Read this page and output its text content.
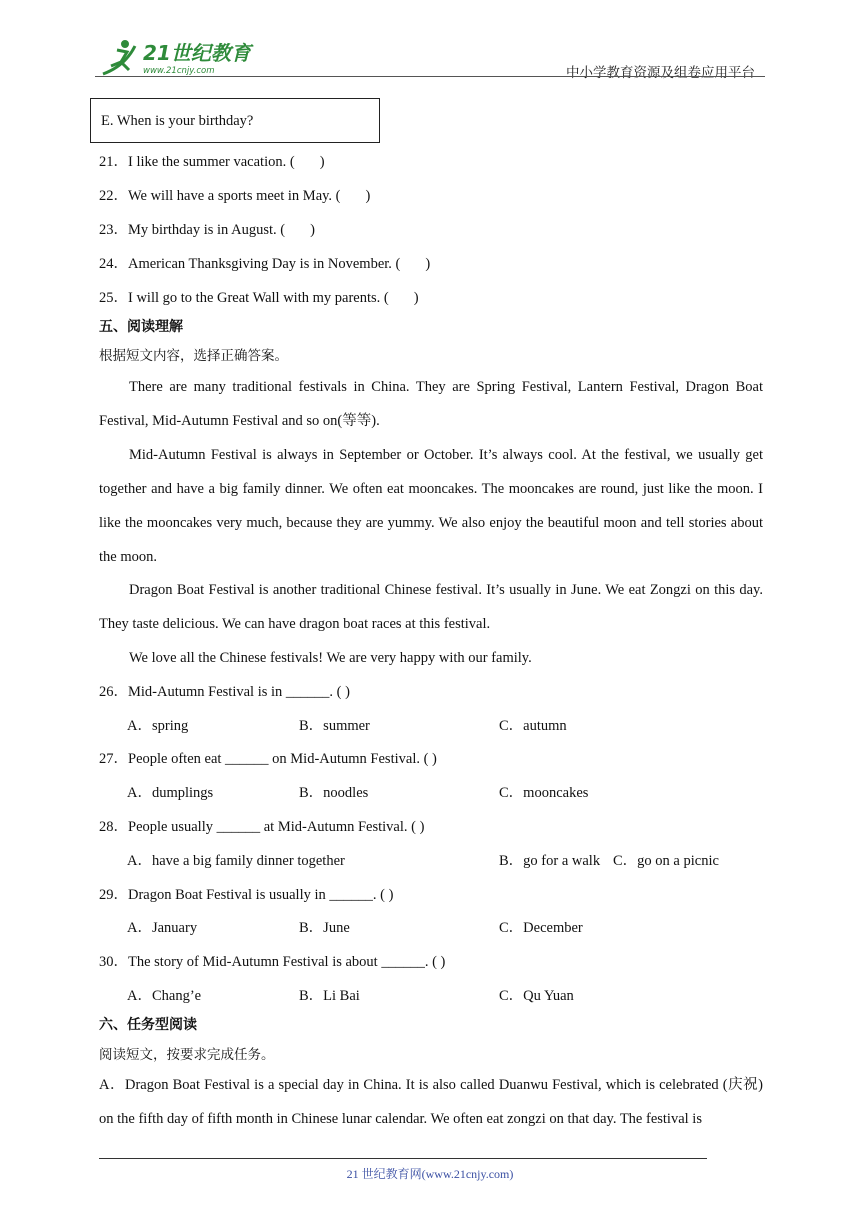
21世纪教育
www.21cnjy.com	中小学教育资源及组卷应用平台
E. When is your birthday?
21．I like the summer vacation. ( )
22．We will have a sports meet in May. ( )
23．My birthday is in August. ( )
24．American Thanksgiving Day is in November. ( )
25．I will go to the Great Wall with my parents. ( )
五、阅读理解
根据短文内容，选择正确答案。
There are many traditional festivals in China. They are Spring Festival, Lantern Festival, Dragon Boat Festival, Mid-Autumn Festival and so on(等等).
Mid-Autumn Festival is always in September or October. It’s always cool. At the festival, we usually get together and have a big family dinner. We often eat mooncakes. The mooncakes are round, just like the moon. I like the mooncakes very much, because they are yummy. We also enjoy the beautiful moon and tell stories about the moon.
Dragon Boat Festival is another traditional Chinese festival. It’s usually in June. We eat Zongzi on this day. They taste delicious. We can have dragon boat races at this festival.
We love all the Chinese festivals! We are very happy with our family.
26．Mid-Autumn Festival is in ______. ( )
A．spring	B．summer	C．autumn
27．People often eat ______ on Mid-Autumn Festival. ( )
A．dumplings	B．noodles	C．mooncakes
28．People usually ______ at Mid-Autumn Festival. ( )
A．have a big family dinner together	B．go for a walk C．go on a picnic
29．Dragon Boat Festival is usually in ______. ( )
A．January	B．June	C．December
30．The story of Mid-Autumn Festival is about ______. ( )
A．Chang’e	B．Li Bai	C．Qu Yuan
六、任务型阅读
阅读短文，按要求完成任务。
A．Dragon Boat Festival is a special day in China. It is also called Duanwu Festival, which is celebrated (庆祝) on the fifth day of fifth month in Chinese lunar calendar. We often eat zongzi on that day. The festival is
21 世纪教育网(www.21cnjy.com)
